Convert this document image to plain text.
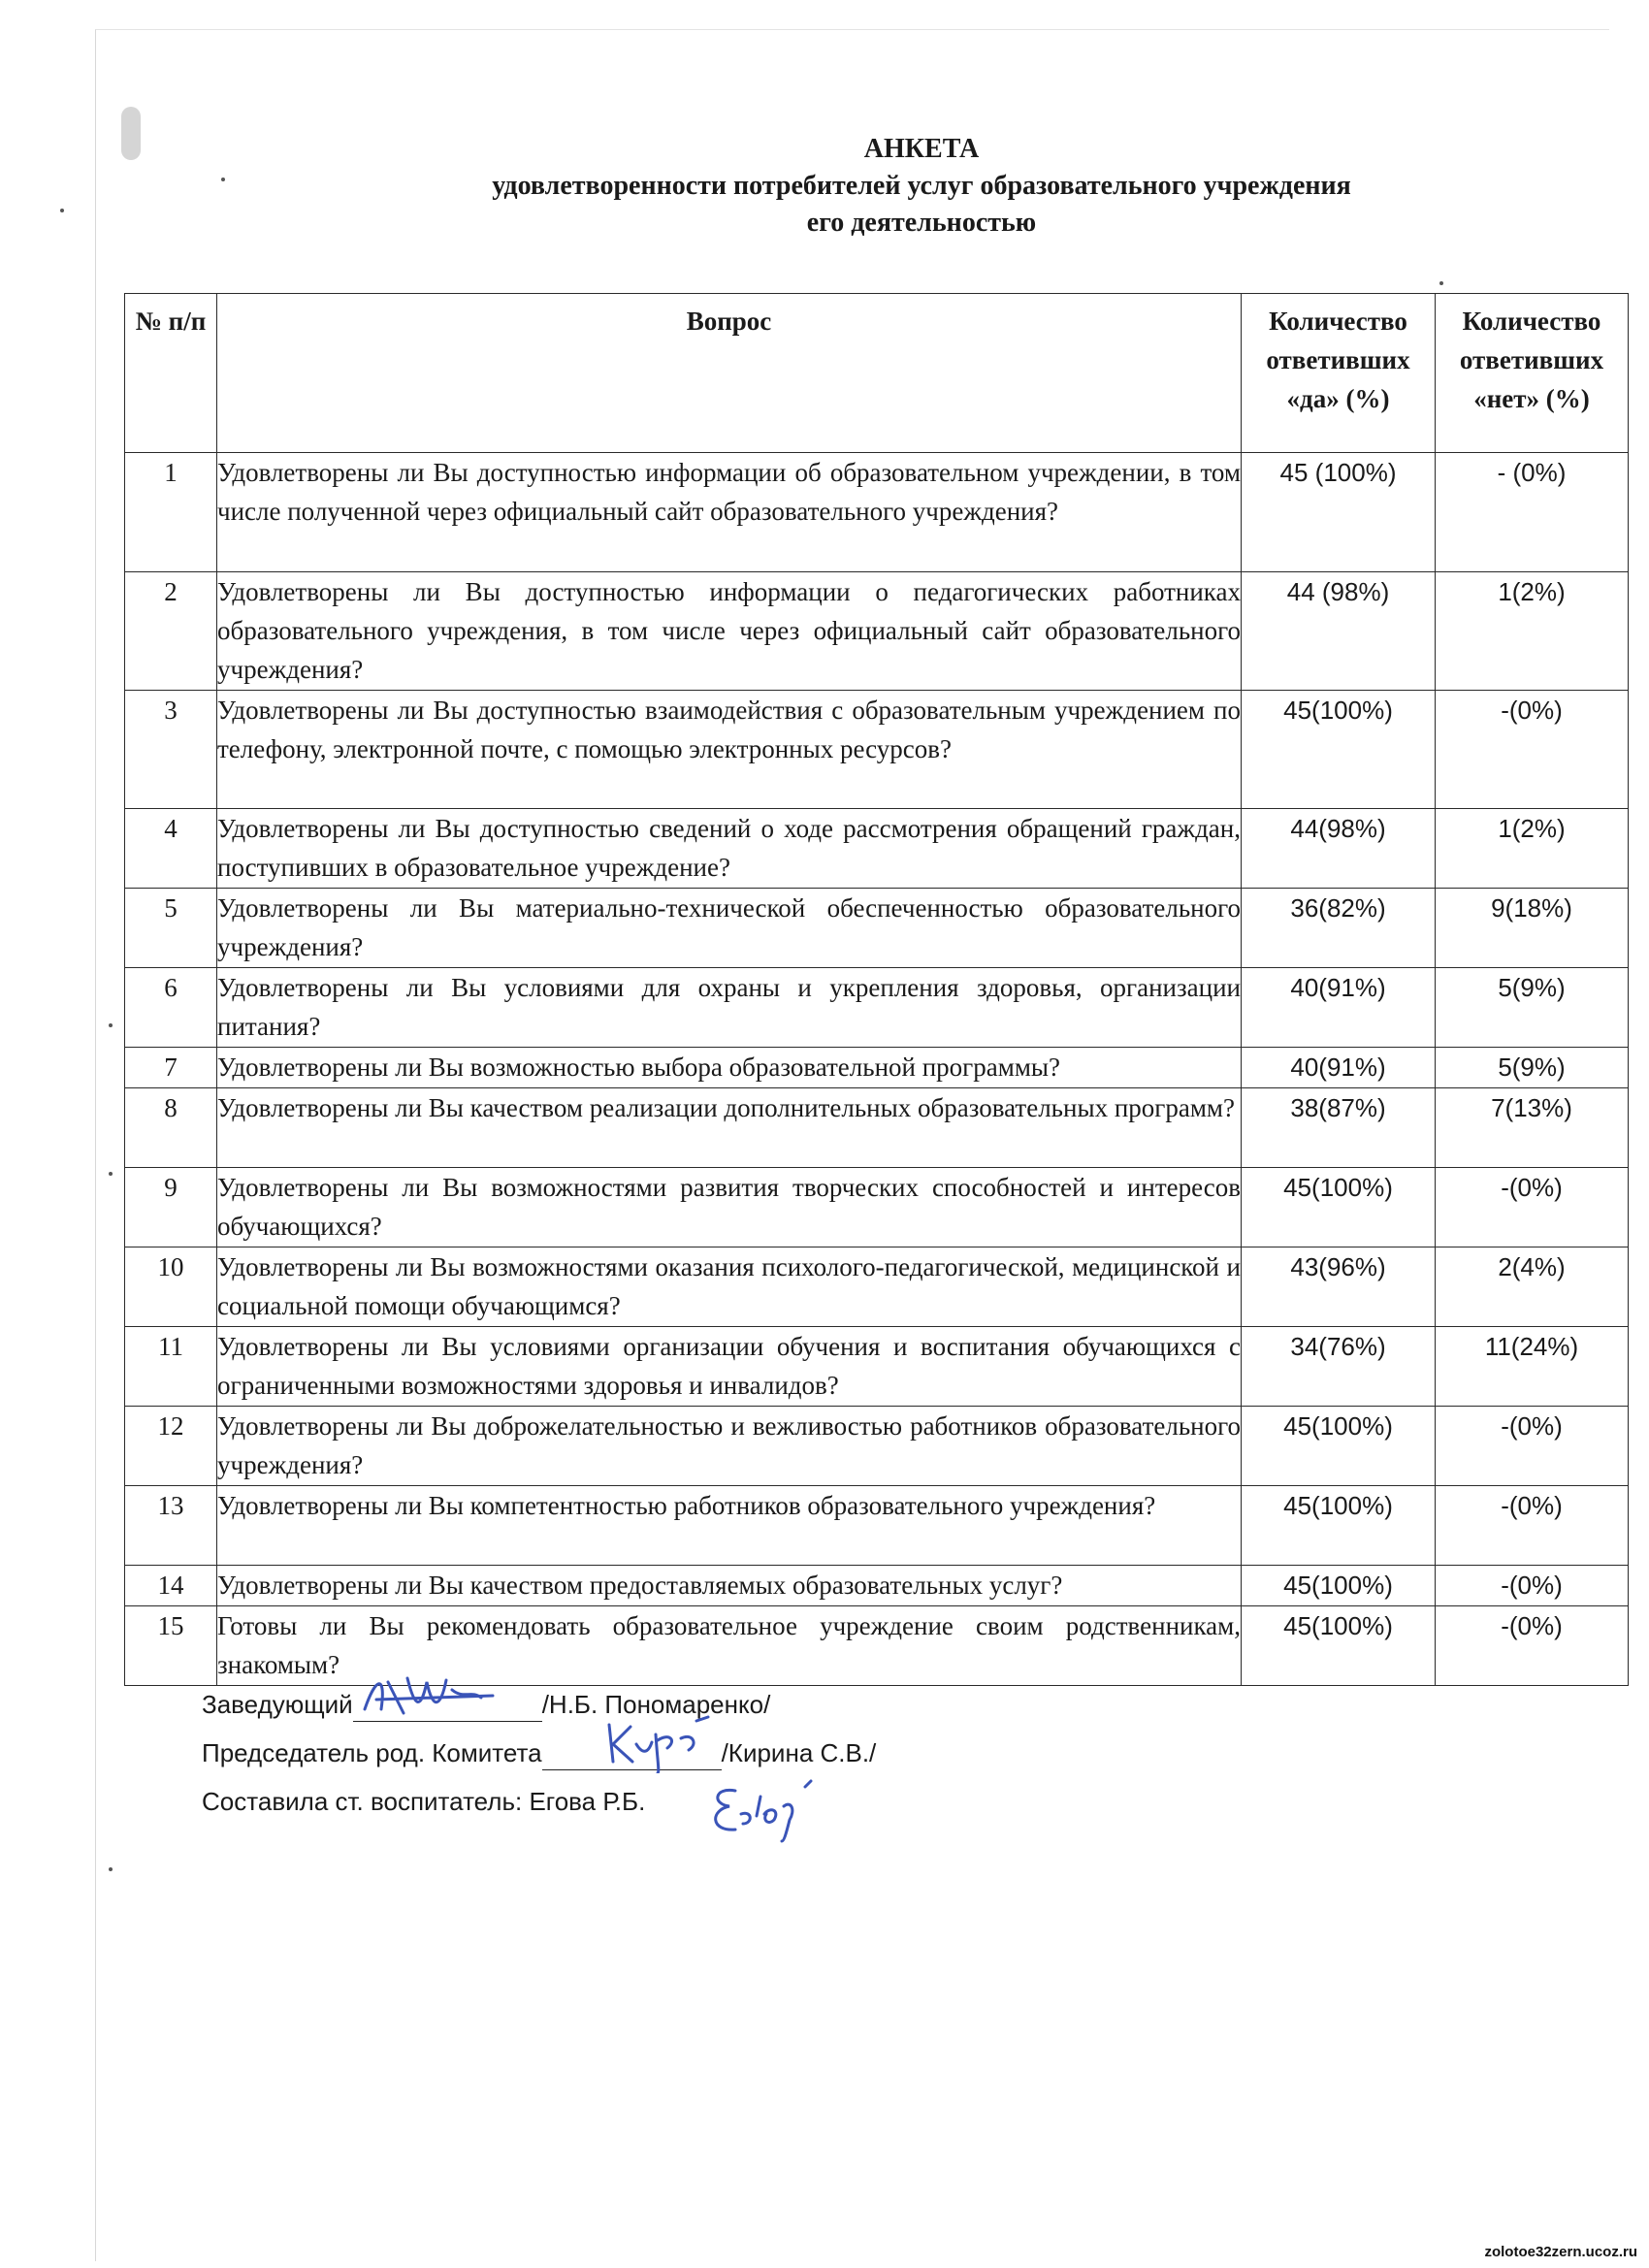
АНКЕТА
удовлетворенности потребителей услуг образовательного учреждения
его деятельностью
№ п/п	Вопрос	Количество ответивших «да» (%)	Количество ответивших «нет» (%)
1	Удовлетворены ли Вы доступностью информации об образовательном учреждении, в том числе полученной через официальный сайт образовательного учреждения?	45 (100%)	- (0%)
2	Удовлетворены ли Вы доступностью информации о педагогических работниках образовательного учреждения, в том числе через официальный сайт образовательного учреждения?	44 (98%)	1(2%)
3	Удовлетворены ли Вы доступностью взаимодействия с образовательным учреждением по телефону, электронной почте, с помощью электронных ресурсов?	45(100%)	-(0%)
4	Удовлетворены ли Вы доступностью сведений о ходе рассмотрения обращений граждан, поступивших в образовательное учреждение?	44(98%)	1(2%)
5	Удовлетворены ли Вы материально-технической обеспеченностью образовательного учреждения?	36(82%)	9(18%)
6	Удовлетворены ли Вы условиями для охраны и укрепления здоровья, организации питания?	40(91%)	5(9%)
7	Удовлетворены ли Вы возможностью выбора образовательной программы?	40(91%)	5(9%)
8	Удовлетворены ли Вы качеством реализации дополнительных образовательных программ?	38(87%)	7(13%)
9	Удовлетворены ли Вы возможностями развития творческих способностей и интересов обучающихся?	45(100%)	-(0%)
10	Удовлетворены ли Вы возможностями оказания психолого-педагогической, медицинской и социальной помощи обучающимся?	43(96%)	2(4%)
11	Удовлетворены ли Вы условиями организации обучения и воспитания обучающихся с ограниченными возможностями здоровья и инвалидов?	34(76%)	11(24%)
12	Удовлетворены ли Вы доброжелательностью и вежливостью работников образовательного учреждения?	45(100%)	-(0%)
13	Удовлетворены ли Вы компетентностью работников образовательного учреждения?	45(100%)	-(0%)
14	Удовлетворены ли Вы качеством предоставляемых образовательных услуг?	45(100%)	-(0%)
15	Готовы ли Вы рекомендовать образовательное учреждение своим родственникам, знакомым?	45(100%)	-(0%)
Заведующий	/Н.Б. Пономаренко/
Председатель род. Комитета	/Кирина С.В./
Составила ст. воспитатель: Егова Р.Б.
zolotoe32zern.ucoz.ru
